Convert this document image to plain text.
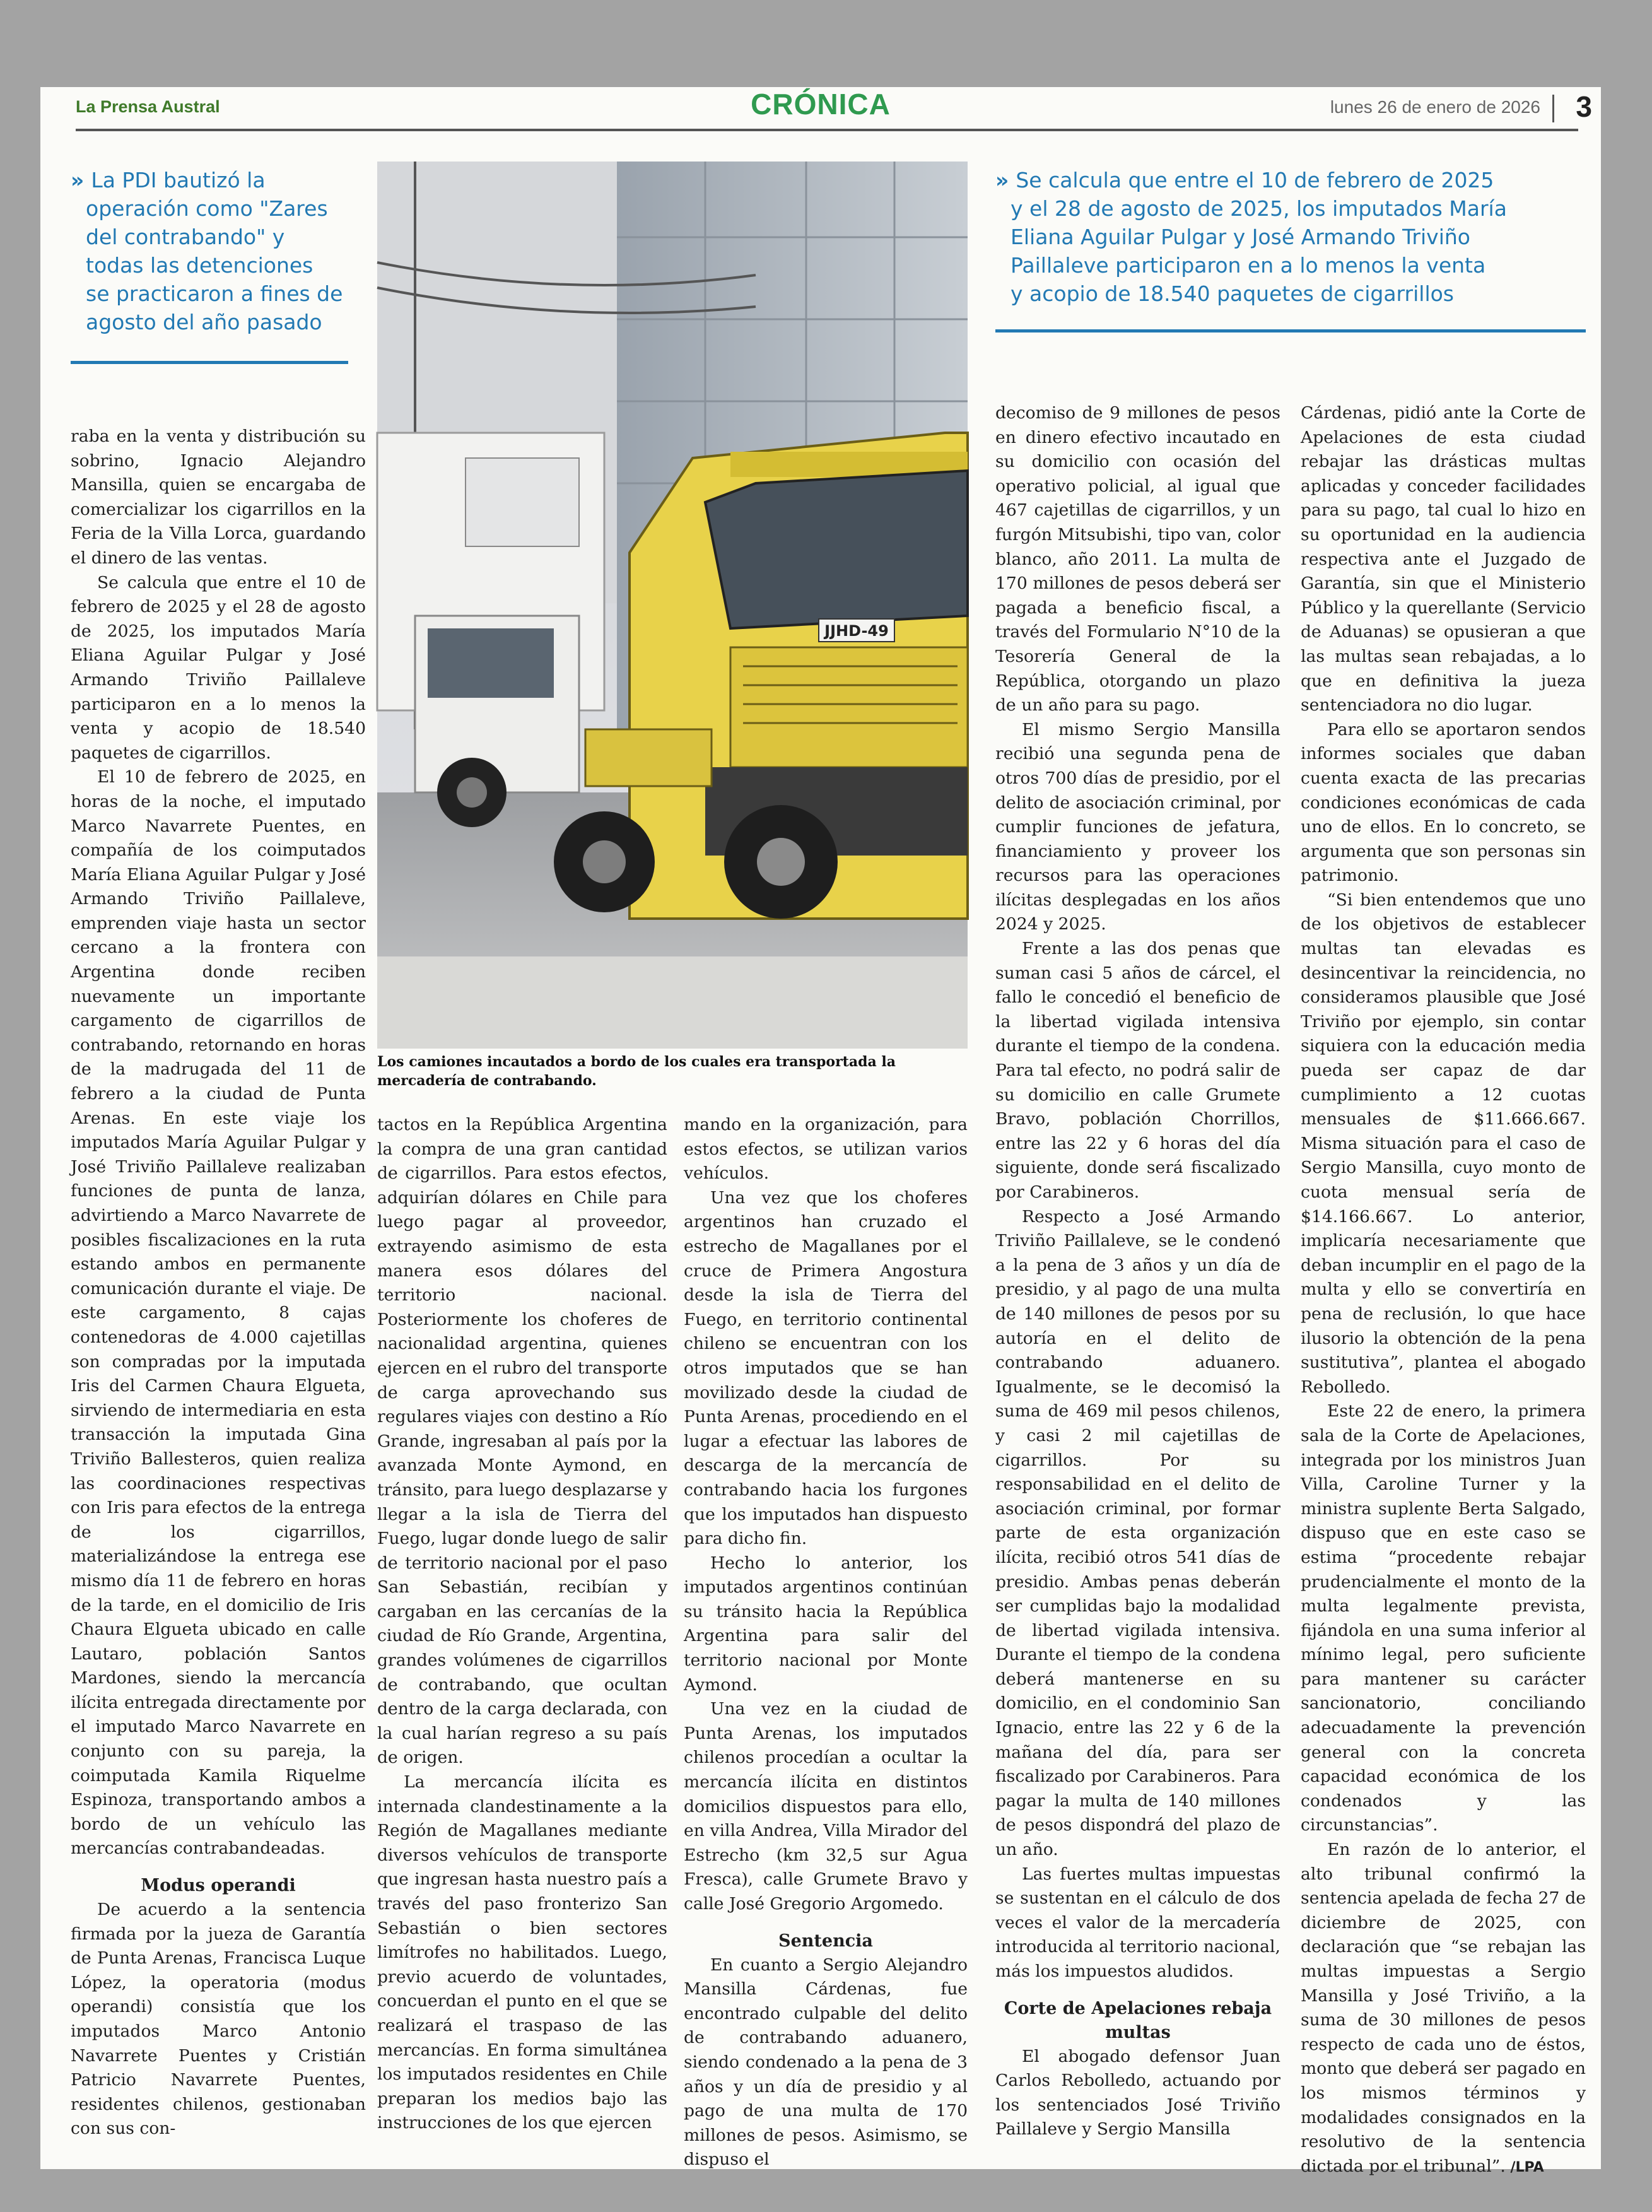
La Prensa Austral	CRÓNICA	lunes 26 de enero de 2026 3
» La PDI bautizó la
operación como "Zares
del contrabando" y
todas las detenciones
se practicaron a fines de
agosto del año pasado
» Se calcula que entre el 10 de febrero de 2025
y el 28 de agosto de 2025, los imputados María
Eliana Aguilar Pulgar y José Armando Triviño
Paillaleve participaron en a lo menos la venta
y acopio de 18.540 paquetes de cigarrillos
JJHD-49
Los camiones incautados a bordo de los cuales era transportada la mercadería de contrabando.

raba en la venta y distribución su sobrino, Ignacio Alejandro Mansilla, quien se encargaba de comercializar los cigarrillos en la Feria de la Villa Lorca, guardando el dinero de las ventas.

Se calcula que entre el 10 de febrero de 2025 y el 28 de agosto de 2025, los imputados María Eliana Aguilar Pulgar y José Armando Triviño Paillaleve participaron en a lo menos la venta y acopio de 18.540 paquetes de cigarrillos.

El 10 de febrero de 2025, en horas de la noche, el imputado Marco Navarrete Puentes, en compañía de los coimputados María Eliana Aguilar Pulgar y José Armando Triviño Paillaleve, emprenden viaje hasta un sector cercano a la frontera con Argentina donde reciben nuevamente un importante cargamento de cigarrillos de contrabando, retornando en horas de la madrugada del 11 de febrero a la ciudad de Punta Arenas. En este viaje los imputados María Aguilar Pulgar y José Triviño Paillaleve realizaban funciones de punta de lanza, advirtiendo a Marco Navarrete de posibles fiscalizaciones en la ruta estando ambos en permanente comunicación durante el viaje. De este cargamento, 8 cajas contenedoras de 4.000 cajetillas son compradas por la imputada Iris del Carmen Chaura Elgueta, sirviendo de intermediaria en esta transacción la imputada Gina Triviño Ballesteros, quien realiza las coordinaciones respectivas con Iris para efectos de la entrega de los cigarrillos, materializándose la entrega ese mismo día 11 de febrero en horas de la tarde, en el domicilio de Iris Chaura Elgueta ubicado en calle Lautaro, población Santos Mardones, siendo la mercancía ilícita entregada directamente por el imputado Marco Navarrete en conjunto con su pareja, la coimputada Kamila Riquelme Espinoza, transportando ambos a bordo de un vehículo las mercancías contrabandeadas.

Modus operandi

De acuerdo a la sentencia firmada por la jueza de Garantía de Punta Arenas, Francisca Luque López, la operatoria (modus operandi) consistía que los imputados Marco Antonio Navarrete Puentes y Cristián Patricio Navarrete Puentes, residentes chilenos, gestionaban con sus con-

tactos en la República Argentina la compra de una gran cantidad de cigarrillos. Para estos efectos, adquirían dólares en Chile para luego pagar al proveedor, extrayendo asimismo de esta manera esos dólares del territorio nacional. Posteriormente los choferes de nacionalidad argentina, quienes ejercen en el rubro del transporte de carga aprovechando sus regulares viajes con destino a Río Grande, ingresaban al país por la avanzada Monte Aymond, en tránsito, para luego desplazarse y llegar a la isla de Tierra del Fuego, lugar donde luego de salir de territorio nacional por el paso San Sebastián, recibían y cargaban en las cercanías de la ciudad de Río Grande, Argentina, grandes volúmenes de cigarrillos de contrabando, que ocultan dentro de la carga declarada, con la cual harían regreso a su país de origen.

La mercancía ilícita es internada clandestinamente a la Región de Magallanes mediante diversos vehículos de transporte que ingresan hasta nuestro país a través del paso fronterizo San Sebastián o bien sectores limítrofes no habilitados. Luego, previo acuerdo de voluntades, concuerdan el punto en el que se realizará el traspaso de las mercancías. En forma simultánea los imputados residentes en Chile preparan los medios bajo las instrucciones de los que ejercen

mando en la organización, para estos efectos, se utilizan varios vehículos.

Una vez que los choferes argentinos han cruzado el estrecho de Magallanes por el cruce de Primera Angostura desde la isla de Tierra del Fuego, en territorio continental chileno se encuentran con los otros imputados que se han movilizado desde la ciudad de Punta Arenas, procediendo en el lugar a efectuar las labores de descarga de la mercancía de contrabando hacia los furgones que los imputados han dispuesto para dicho fin.

Hecho lo anterior, los imputados argentinos continúan su tránsito hacia la República Argentina para salir del territorio nacional por Monte Aymond.

Una vez en la ciudad de Punta Arenas, los imputados chilenos procedían a ocultar la mercancía ilícita en distintos domicilios dispuestos para ello, en villa Andrea, Villa Mirador del Estrecho (km 32,5 sur Agua Fresca), calle Grumete Bravo y calle José Gregorio Argomedo.

Sentencia

En cuanto a Sergio Alejandro Mansilla Cárdenas, fue encontrado culpable del delito de contrabando aduanero, siendo condenado a la pena de 3 años y un día de presidio y al pago de una multa de 170 millones de pesos. Asimismo, se dispuso el

decomiso de 9 millones de pesos en dinero efectivo incautado en su domicilio con ocasión del operativo policial, al igual que 467 cajetillas de cigarrillos, y un furgón Mitsubishi, tipo van, color blanco, año 2011. La multa de 170 millones de pesos deberá ser pagada a beneficio fiscal, a través del Formulario N°10 de la Tesorería General de la República, otorgando un plazo de un año para su pago.

El mismo Sergio Mansilla recibió una segunda pena de otros 700 días de presidio, por el delito de asociación criminal, por cumplir funciones de jefatura, financiamiento y proveer los recursos para las operaciones ilícitas desplegadas en los años 2024 y 2025.

Frente a las dos penas que suman casi 5 años de cárcel, el fallo le concedió el beneficio de la libertad vigilada intensiva durante el tiempo de la condena. Para tal efecto, no podrá salir de su domicilio en calle Grumete Bravo, población Chorrillos, entre las 22 y 6 horas del día siguiente, donde será fiscalizado por Carabineros.

Respecto a José Armando Triviño Paillaleve, se le condenó a la pena de 3 años y un día de presidio, y al pago de una multa de 140 millones de pesos por su autoría en el delito de contrabando aduanero. Igualmente, se le decomisó la suma de 469 mil pesos chilenos, y casi 2 mil cajetillas de cigarrillos. Por su responsabilidad en el delito de asociación criminal, por formar parte de esta organización ilícita, recibió otros 541 días de presidio. Ambas penas deberán ser cumplidas bajo la modalidad de libertad vigilada intensiva. Durante el tiempo de la condena deberá mantenerse en su domicilio, en el condominio San Ignacio, entre las 22 y 6 de la mañana del día, para ser fiscalizado por Carabineros. Para pagar la multa de 140 millones de pesos dispondrá del plazo de un año.

Las fuertes multas impuestas se sustentan en el cálculo de dos veces el valor de la mercadería introducida al territorio nacional, más los impuestos aludidos.

Corte de Apelaciones rebaja multas

El abogado defensor Juan Carlos Rebolledo, actuando por los sentenciados José Triviño Paillaleve y Sergio Mansilla

Cárdenas, pidió ante la Corte de Apelaciones de esta ciudad rebajar las drásticas multas aplicadas y conceder facilidades para su pago, tal cual lo hizo en su oportunidad en la audiencia respectiva ante el Juzgado de Garantía, sin que el Ministerio Público y la querellante (Servicio de Aduanas) se opusieran a que las multas sean rebajadas, a lo que en definitiva la jueza sentenciadora no dio lugar.

Para ello se aportaron sendos informes sociales que daban cuenta exacta de las precarias condiciones económicas de cada uno de ellos. En lo concreto, se argumenta que son personas sin patrimonio.

“Si bien entendemos que uno de los objetivos de establecer multas tan elevadas es desincentivar la reincidencia, no consideramos plausible que José Triviño por ejemplo, sin contar siquiera con la educación media pueda ser capaz de dar cumplimiento a 12 cuotas mensuales de $11.666.667. Misma situación para el caso de Sergio Mansilla, cuyo monto de cuota mensual sería de $14.166.667. Lo anterior, implicaría necesariamente que deban incumplir en el pago de la multa y ello se convertiría en pena de reclusión, lo que hace ilusorio la obtención de la pena sustitutiva”, plantea el abogado Rebolledo.

Este 22 de enero, la primera sala de la Corte de Apelaciones, integrada por los ministros Juan Villa, Caroline Turner y la ministra suplente Berta Salgado, dispuso que en este caso se estima “procedente rebajar prudencialmente el monto de la multa legalmente prevista, fijándola en una suma inferior al mínimo legal, pero suficiente para mantener su carácter sancionatorio, conciliando adecuadamente la prevención general con la concreta capacidad económica de los condenados y las circunstancias”.

En razón de lo anterior, el alto tribunal confirmó la sentencia apelada de fecha 27 de diciembre de 2025, con declaración que “se rebajan las multas impuestas a Sergio Mansilla y José Triviño, a la suma de 30 millones de pesos respecto de cada uno de éstos, monto que deberá ser pagado en los mismos términos y modalidades consignados en la resolutivo de la sentencia dictada por el tribunal”. /LPA
